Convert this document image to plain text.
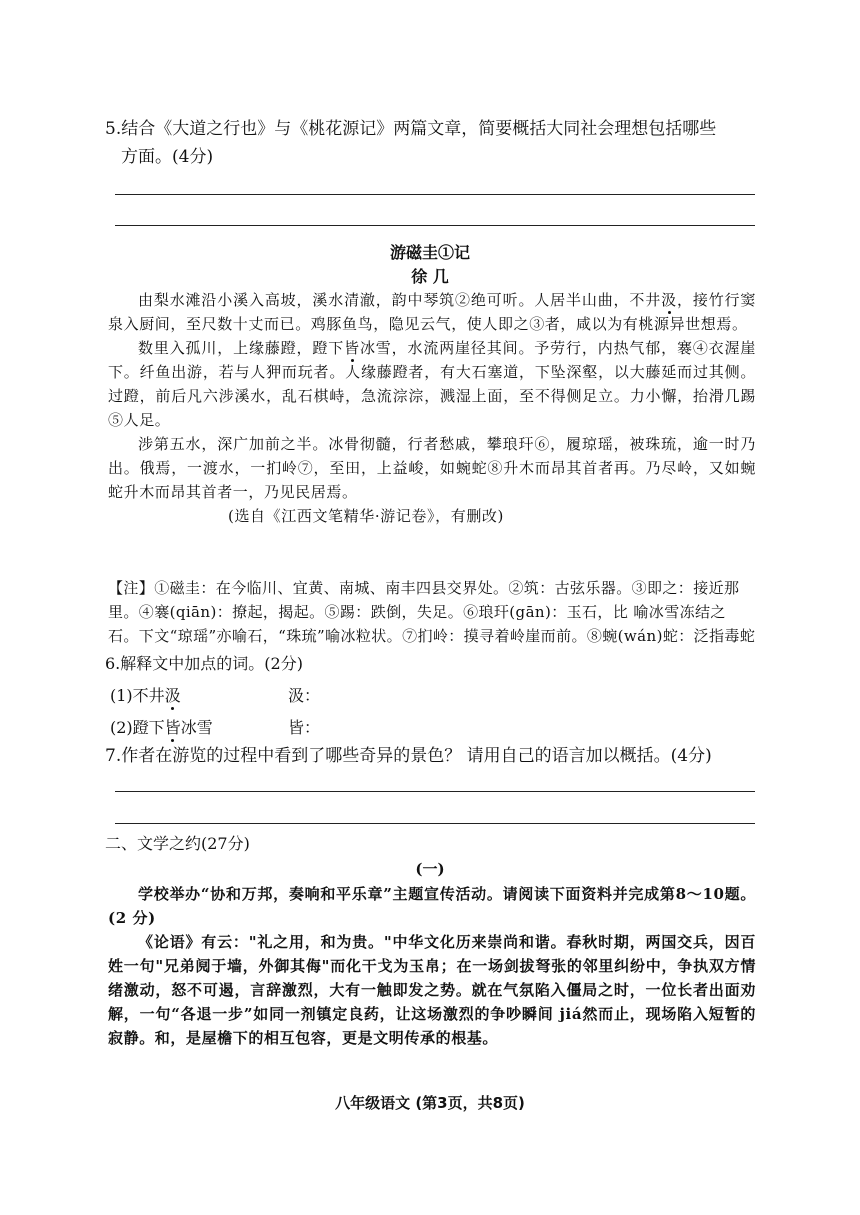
5.结合《大道之行也》与《桃花源记》两篇文章，简要概括大同社会理想包括哪些
方面。(4分)
游磁圭①记
徐 几

由梨水滩沿小溪入高坡，溪水清澈，韵中琴筑②绝可听。人居半山曲，不井汲，接竹行窦泉入厨间，至尺数十丈而已。鸡豚鱼鸟，隐见云气，使人即之③者，咸以为有桃源异世想焉。

数里入孤川，上缘藤蹬，蹬下皆冰雪，水流两崖径其间。予劳行，内热气郁，褰④衣渥崖下。纤鱼出游，若与人狎而玩者。人缘藤蹬者，有大石塞道，下坠深壑，以大藤延而过其侧。过蹬，前后凡六涉溪水，乱石棋峙，急流淙淙，溅湿上面，至不得侧足立。力小懈，抬滑几踢⑤人足。

涉第五水，深广加前之半。冰骨彻髓，行者愁戚，攀琅玕⑥，履琼瑶，被珠琉，逾一时乃出。俄焉，一渡水，一扪岭⑦，至田，上益峻，如蜿蛇⑧升木而昂其首者再。乃尽岭，又如蜿蛇升木而昂其首者一，乃见民居焉。

(选自《江西文笔精华·游记卷》，有删改)

【注】①磁圭：在今临川、宜黄、南城、南丰四县交界处。②筑：古弦乐器。③即之：接近那里。④褰(qiān)：撩起，揭起。⑤踢：跌倒，失足。⑥琅玕(gān)：玉石，比 喻冰雪冻结之石。下文“琼瑶”亦喻石，“珠琉”喻冰粒状。⑦扪岭：摸寻着岭崖而前。⑧蜿(wán)蛇：泛指毒蛇

6.解释文中加点的词。(2分)
(1)不井汲	汲：
(2)蹬下皆冰雪	皆：
7.作者在游览的过程中看到了哪些奇异的景色？ 请用自己的语言加以概括。(4分)
二、文学之约(27分)
(一)

学校举办“协和万邦，奏响和平乐章”主题宣传活动。请阅读下面资料并完成第8～10题。(2 分)

《论语》有云："礼之用，和为贵。"中华文化历来崇尚和谐。春秋时期，两国交兵，因百姓一句"兄弟阋于墙，外御其侮"而化干戈为玉帛；在一场剑拔弩张的邻里纠纷中，争执双方情绪激动，怒不可遏，言辞激烈，大有一触即发之势。就在气氛陷入僵局之时，一位长者出面劝解，一句“各退一步”如同一剂镇定良药，让这场激烈的争吵瞬间 jiá然而止，现场陷入短暂的寂静。和，是屋檐下的相互包容，更是文明传承的根基。

八年级语文 (第3页，共8页)
